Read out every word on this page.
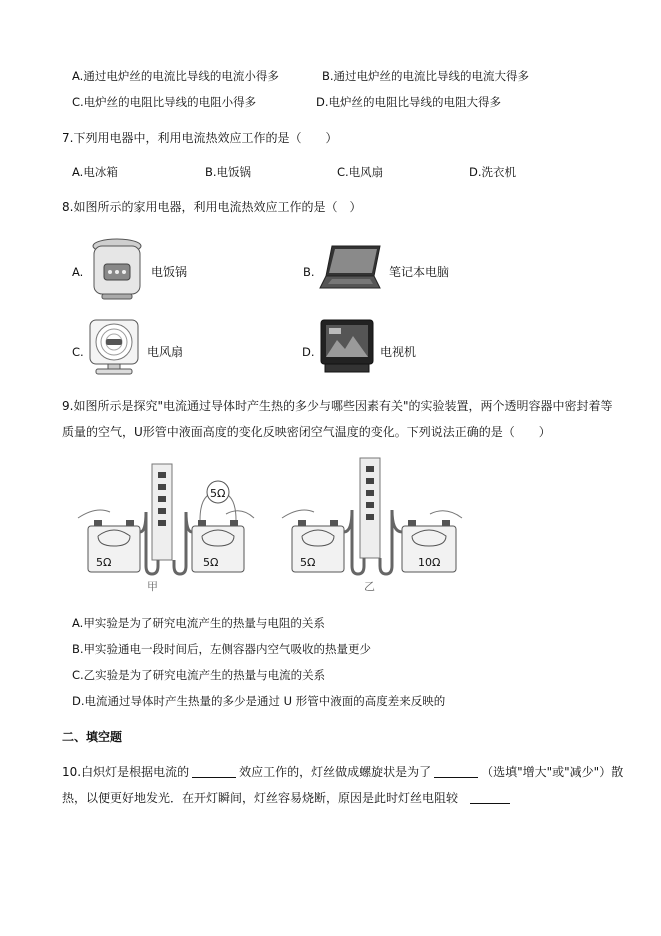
A.通过电炉丝的电流比导线的电流小得多	B.通过电炉丝的电流比导线的电流大得多
C.电炉丝的电阻比导线的电阻小得多	D.电炉丝的电阻比导线的电阻大得多
7.下列用电器中，利用电流热效应工作的是（　　）
A.电冰箱	B.电饭锅	C.电风扇	D.洗衣机
8.如图所示的家用电器，利用电流热效应工作的是（　）
A.	电饭锅	B.	笔记本电脑
C.	电风扇	D.	电视机
9.如图所示是探究"电流通过导体时产生热的多少与哪些因素有关"的实验装置，两个透明容器中密封着等
质量的空气，U形管中液面高度的变化反映密闭空气温度的变化。下列说法正确的是（　　）
5Ω
5Ω
5Ω
甲
5Ω	10Ω
乙
A.甲实验是为了研究电流产生的热量与电阻的关系
B.甲实验通电一段时间后，左侧容器内空气吸收的热量更少
C.乙实验是为了研究电流产生的热量与电流的关系
D.电流通过导体时产生热量的多少是通过 U 形管中液面的高度差来反映的
二、填空题
10.白炽灯是根据电流的	效应工作的，灯丝做成螺旋状是为了	（选填"增大"或"减少"）散
热，以便更好地发光．在开灯瞬间，灯丝容易烧断，原因是此时灯丝电阻较
